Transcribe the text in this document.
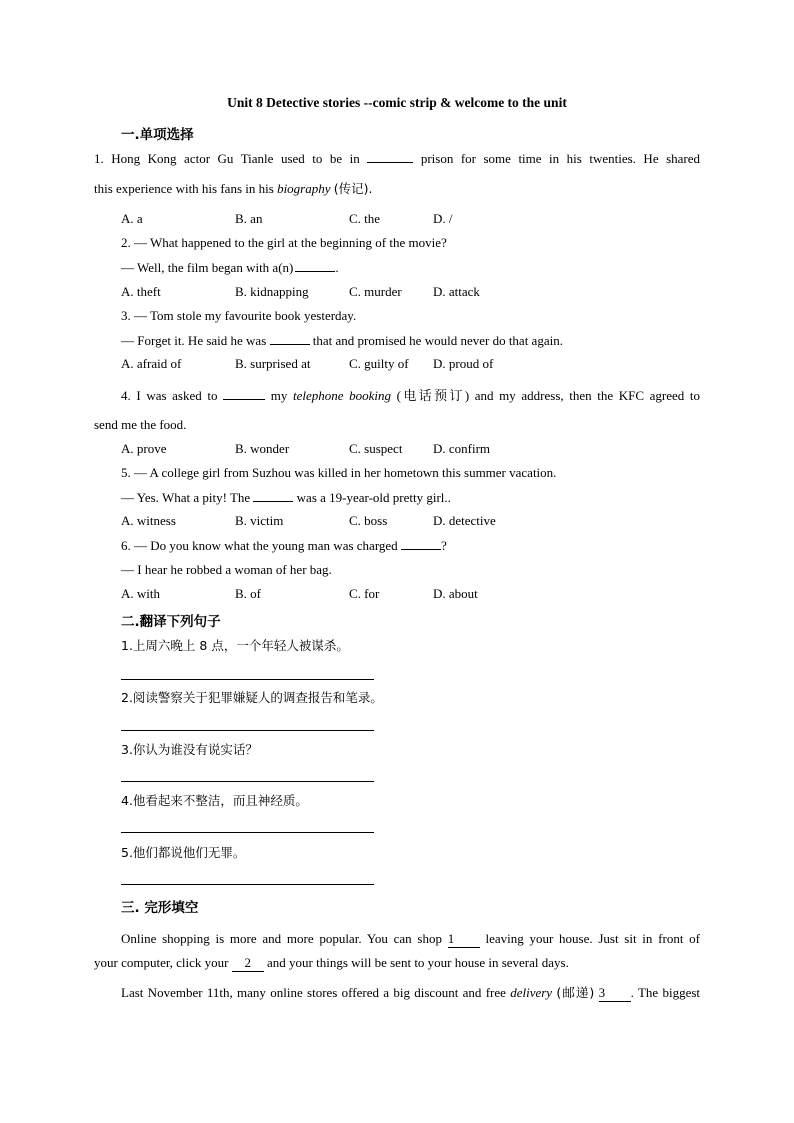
Unit 8 Detective stories --comic strip & welcome to the unit
一.单项选择
1. Hong Kong actor Gu Tianle used to be in	prison for some time in his twenties. He shared
this experience with his fans in his biography (传记).
A. a	B. an	C. the	D. /
2. — What happened to the girl at the beginning of the movie?
— Well, the film began with a(n)	.
A. theft	B. kidnapping	C. murder D. attack
3. — Tom stole my favourite book yesterday.
— Forget it. He said he was	that and promised he would never do that again.
A. afraid of	B. surprised at	C. guilty of D. proud of
4. I was asked to	my telephone booking (电话预订) and my address, then the KFC agreed to
send me the food.
A. prove	B. wonder	C. suspect D. confirm
5. — A college girl from Suzhou was killed in her hometown this summer vacation.
— Yes. What a pity! The	was a 19-year-old pretty girl..
A. witness	B. victim	C. boss	D. detective
6. — Do you know what the young man was charged	?
— I hear he robbed a woman of her bag.
A. with	B. of	C. for	D. about
二.翻译下列句子
1.上周六晚上 8 点，一个年轻人被谋杀。
2.阅读警察关于犯罪嫌疑人的调查报告和笔录。
3.你认为谁没有说实话？
4.他看起来不整洁，而且神经质。
5.他们都说他们无罪。
三. 完形填空
Online shopping is more and more popular. You can shop 1 leaving your house. Just sit in front of
your computer, click your 2 and your things will be sent to your house in several days.
Last November 11th, many online stores offered a big discount and free delivery (邮递) 3 . The biggest
